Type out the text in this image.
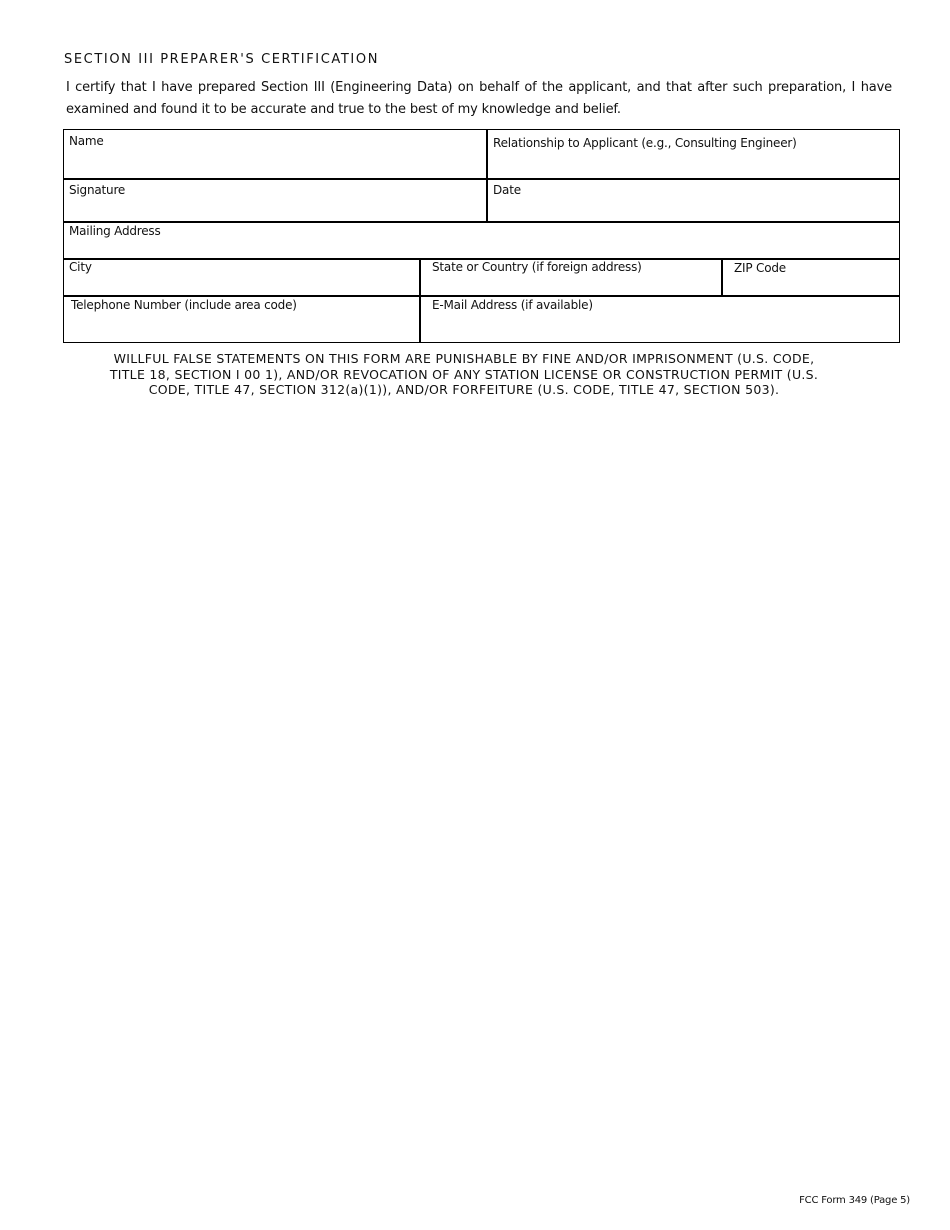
SECTION III PREPARER'S CERTIFICATION
I certify that I have prepared Section III (Engineering Data) on behalf of the applicant, and that after such preparation, I have examined and found it to be accurate and true to the best of my knowledge and belief.
Name	Relationship to Applicant (e.g., Consulting Engineer)
Signature	Date
Mailing Address
City	State or Country (if foreign address)	ZIP Code
Telephone Number (include area code)	E-Mail Address (if available)
WILLFUL FALSE STATEMENTS ON THIS FORM ARE PUNISHABLE BY FINE AND/OR IMPRISONMENT (U.S. CODE,
TITLE 18, SECTION I 00 1), AND/OR REVOCATION OF ANY STATION LICENSE OR CONSTRUCTION PERMIT (U.S.
CODE, TITLE 47, SECTION 312(a)(1)), AND/OR FORFEITURE (U.S. CODE, TITLE 47, SECTION 503).
FCC Form 349 (Page 5)
